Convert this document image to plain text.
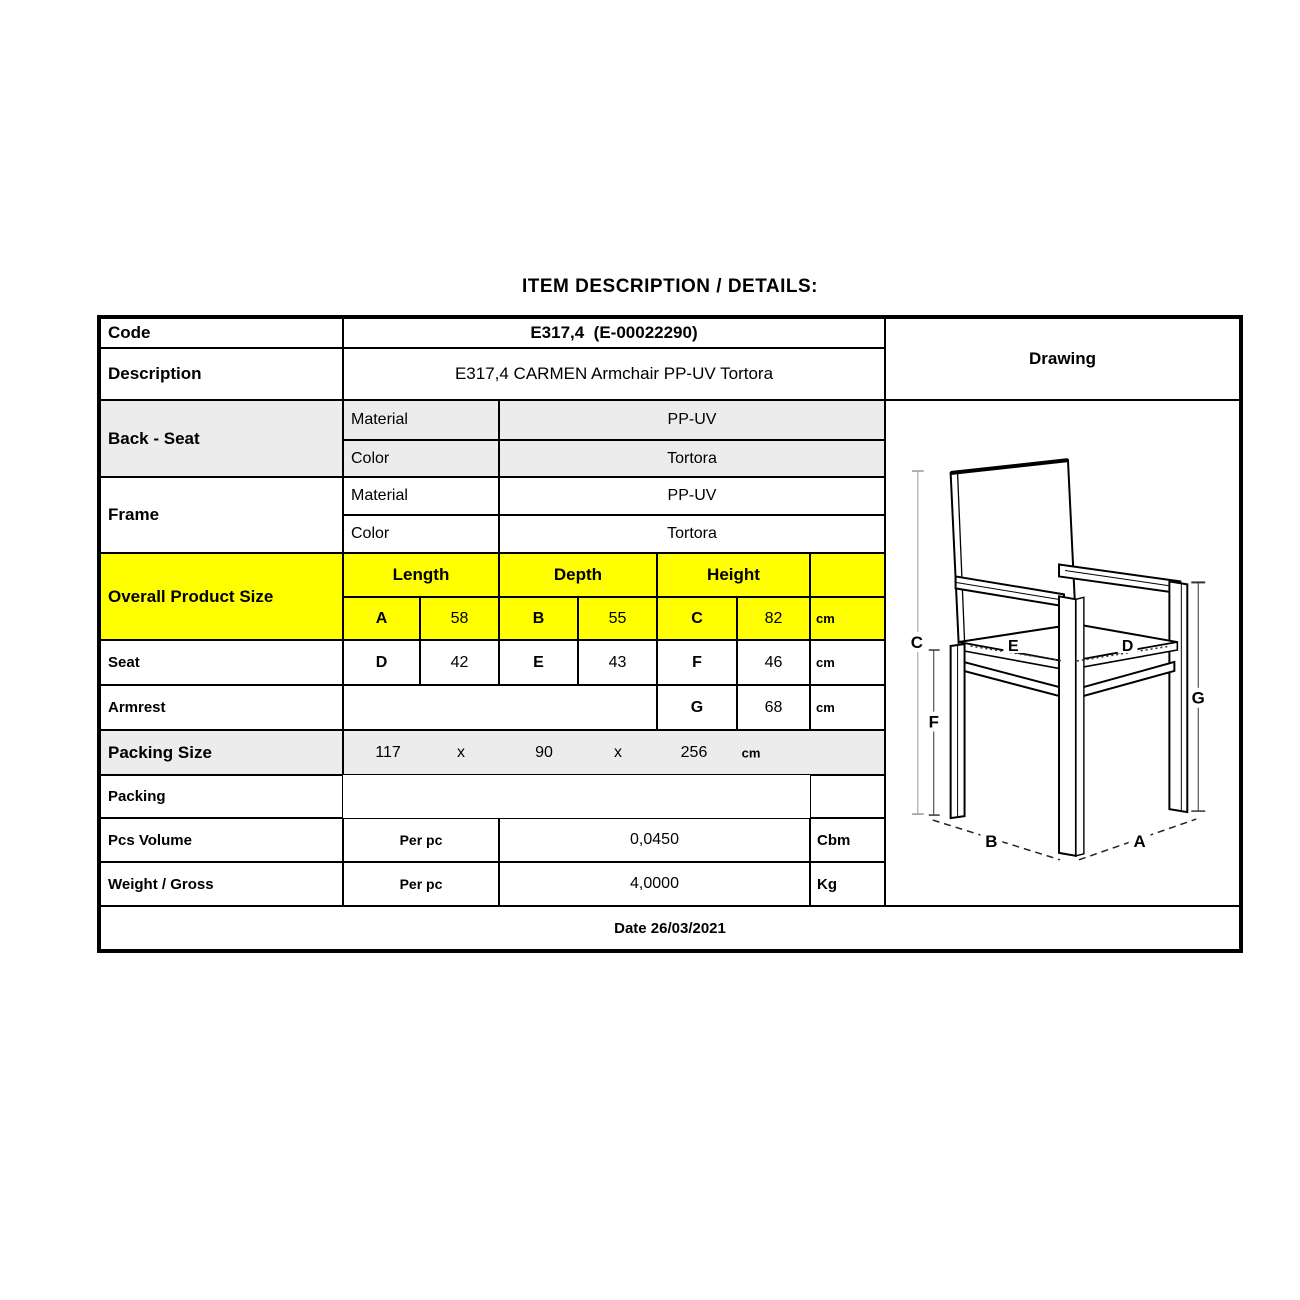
ITEM DESCRIPTION / DETAILS:
Code	E317,4  (E-00022290)
Drawing
Description	E317,4 CARMEN Armchair PP-UV Tortora
Back - Seat
Material	PP-UV
Color	Tortora
Frame
Material	PP-UV
Color	Tortora
Overall Product Size
Length	Depth	Height
A	58	B	55	C	82	cm
Seat	D	42	E	43	F	46	cm
Armrest	G	68	cm
Packing Size	117	x	90	x	256	cm
Packing
Pcs Volume	Per pc	0,0450	Cbm
Weight / Gross	Per pc	4,0000	Kg
Date 26/03/2021
E	D
C
F
G
B	A
